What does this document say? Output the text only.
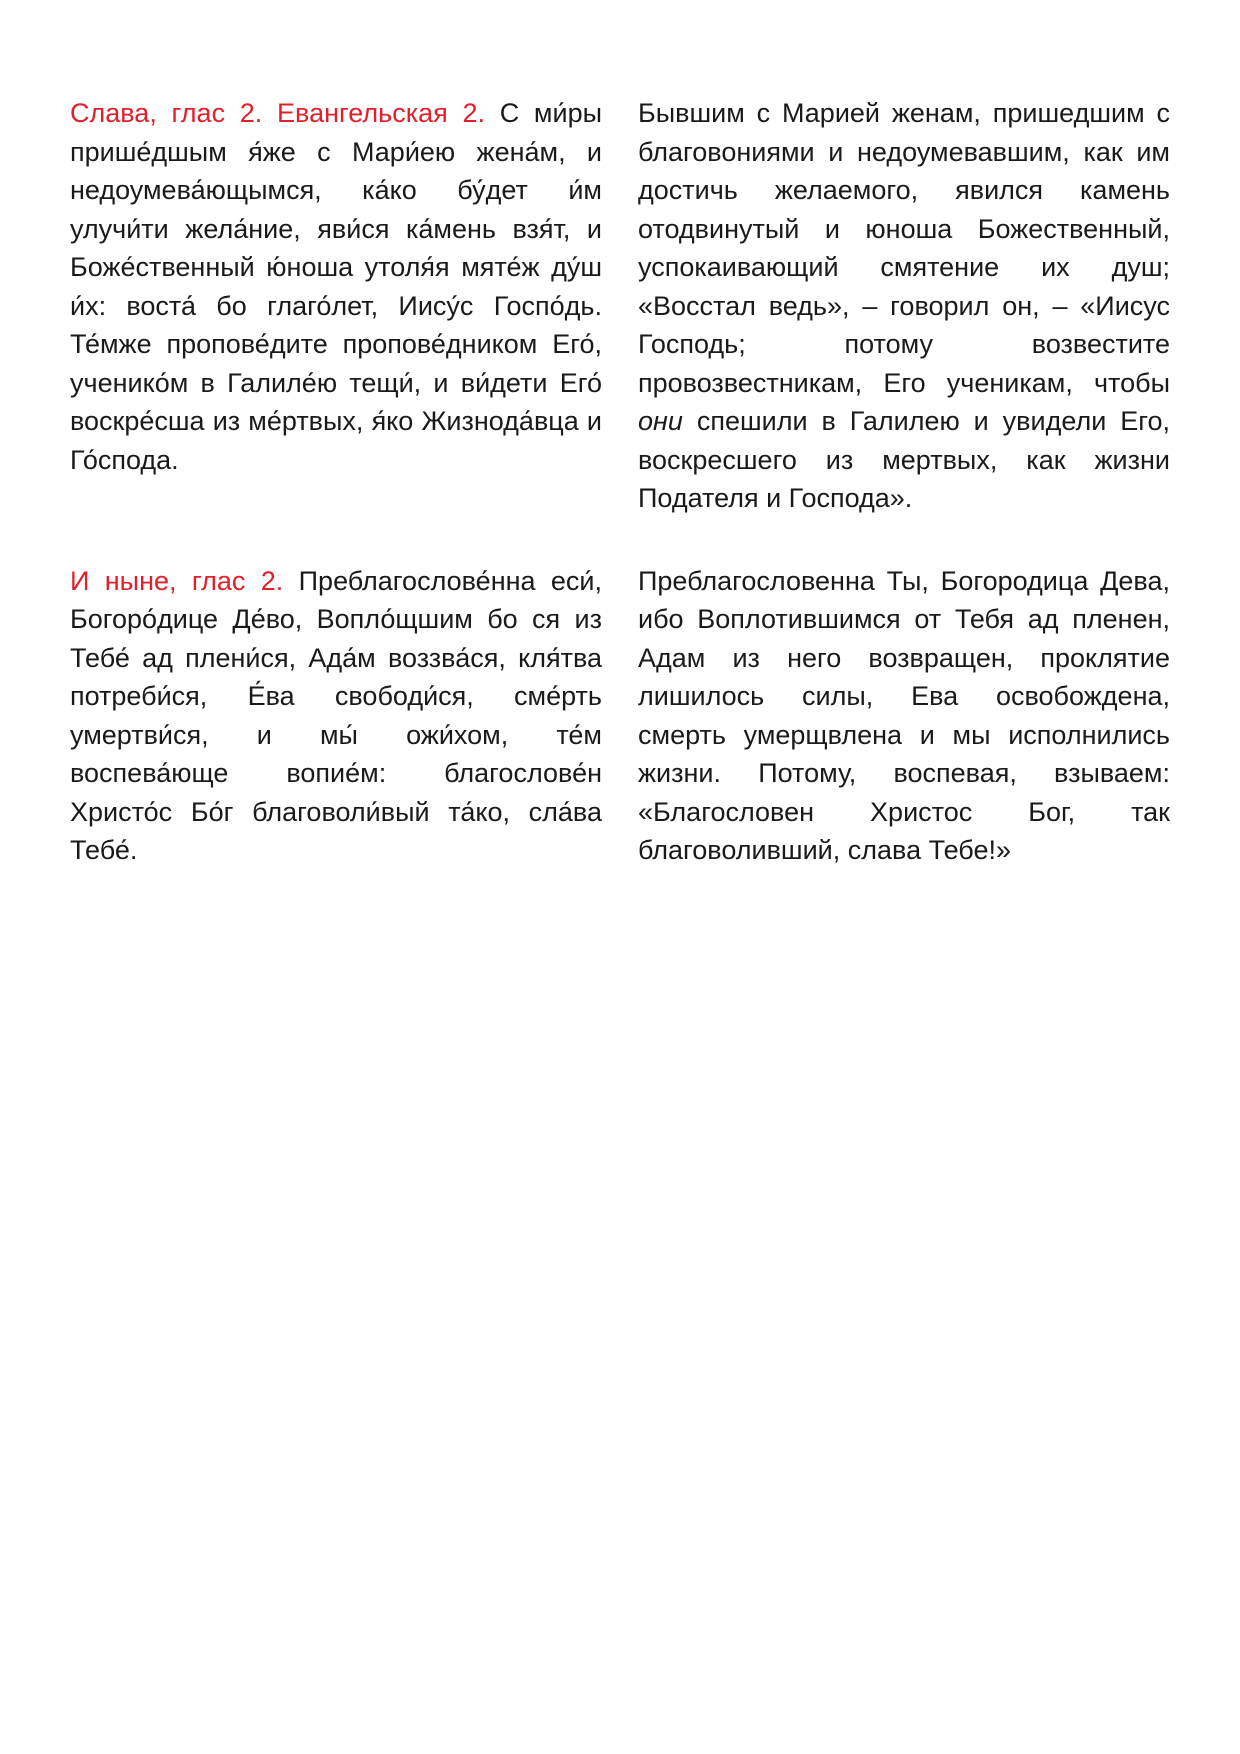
Слава, глас 2. Евангельская 2. С ми́ры прише́дшым я́же с Мари́ею жена́м, и недоумева́ющымся, ка́ко бу́дет и́м улучи́ти жела́ние, яви́ся ка́мень взя́т, и Боже́ственный ю́ноша утоля́я мяте́ж ду́ш и́х: воста́ бо глаго́лет, Иису́с Госпо́дь. Те́мже пропове́дите пропове́дником Его́, ученико́м в Галиле́ю тещи́, и ви́дети Его́ воскре́сша из ме́ртвых, я́ко Жизнода́вца и Го́спода.
Бывшим с Марией женам, пришедшим с благовониями и недоумевавшим, как им достичь желаемого, явился камень отодвинутый и юноша Божественный, успокаивающий смятение их душ; «Восстал ведь», – говорил он, – «Иисус Господь; потому возвестите провозвестникам, Его ученикам, чтобы они спешили в Галилею и увидели Его, воскресшего из мертвых, как жизни Подателя и Господа».
И ныне, глас 2. Преблагослове́нна еси́, Богоро́дице Де́во, Вопло́щшим бо ся из Тебе́ ад плени́ся, Ада́м воззва́ся, кля́тва потреби́ся, Е́ва свободи́ся, сме́рть умертви́ся, и мы́ ожи́хом, те́м воспева́юще вопие́м: благослове́н Христо́с Бо́г благоволи́вый та́ко, сла́ва Тебе́.
Преблагословенна Ты, Богородица Дева, ибо Воплотившимся от Тебя ад пленен, Адам из него возвращен, проклятие лишилось силы, Ева освобождена, смерть умерщвлена и мы исполнились жизни. Потому, воспевая, взываем: «Благословен Христос Бог, так благоволивший, слава Тебе!»
